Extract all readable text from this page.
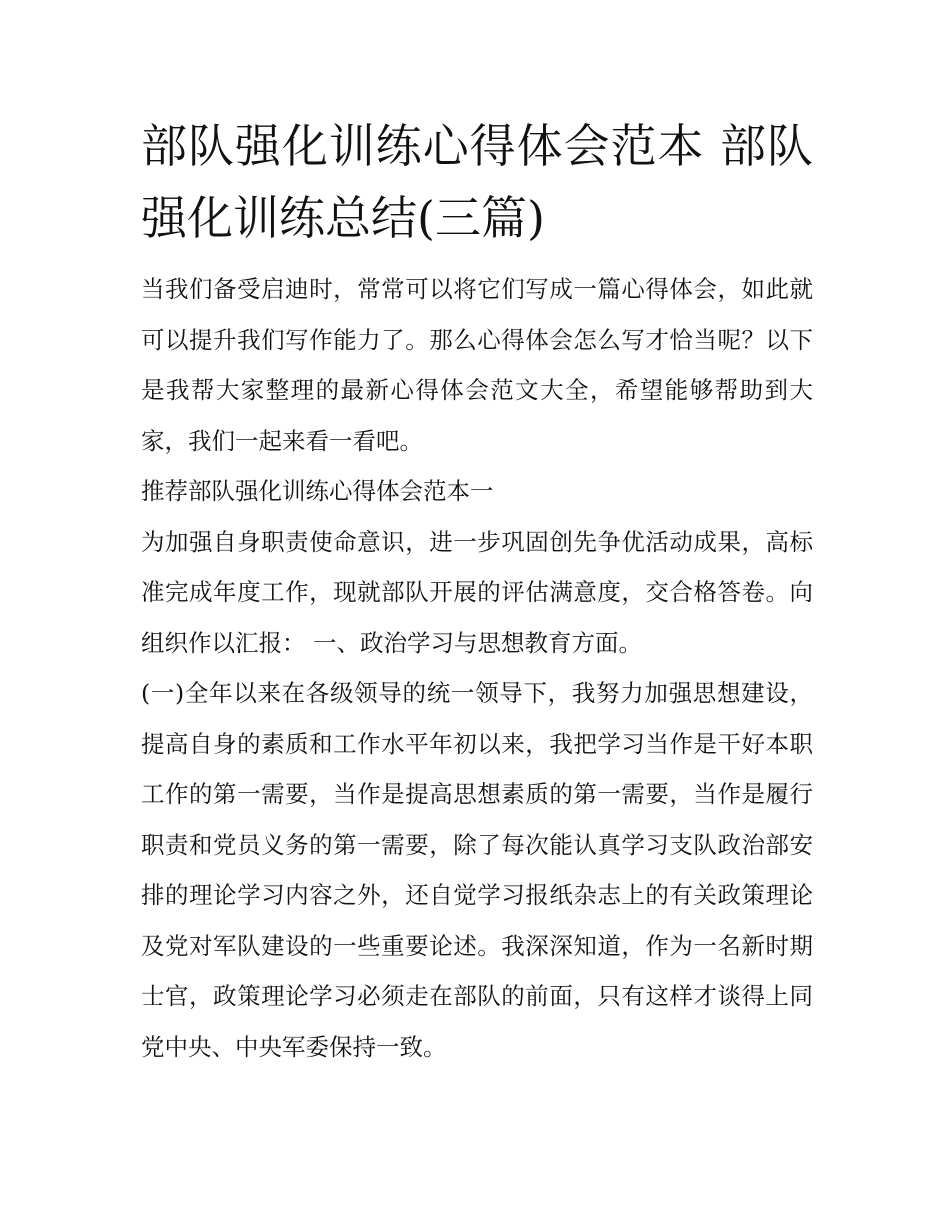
部队强化训练心得体会范本 部队强化训练总结(三篇)

当我们备受启迪时，常常可以将它们写成一篇心得体会，如此就可以提升我们写作能力了。那么心得体会怎么写才恰当呢？以下是我帮大家整理的最新心得体会范文大全，希望能够帮助到大家，我们一起来看一看吧。

推荐部队强化训练心得体会范本一

为加强自身职责使命意识，进一步巩固创先争优活动成果，高标准完成年度工作，现就部队开展的评估满意度，交合格答卷。向组织作以汇报： 一、政治学习与思想教育方面。

(一)全年以来在各级领导的统一领导下，我努力加强思想建设，提高自身的素质和工作水平年初以来，我把学习当作是干好本职工作的第一需要，当作是提高思想素质的第一需要，当作是履行职责和党员义务的第一需要，除了每次能认真学习支队政治部安排的理论学习内容之外，还自觉学习报纸杂志上的有关政策理论及党对军队建设的一些重要论述。我深深知道，作为一名新时期士官，政策理论学习必须走在部队的前面，只有这样才谈得上同党中央、中央军委保持一致。
